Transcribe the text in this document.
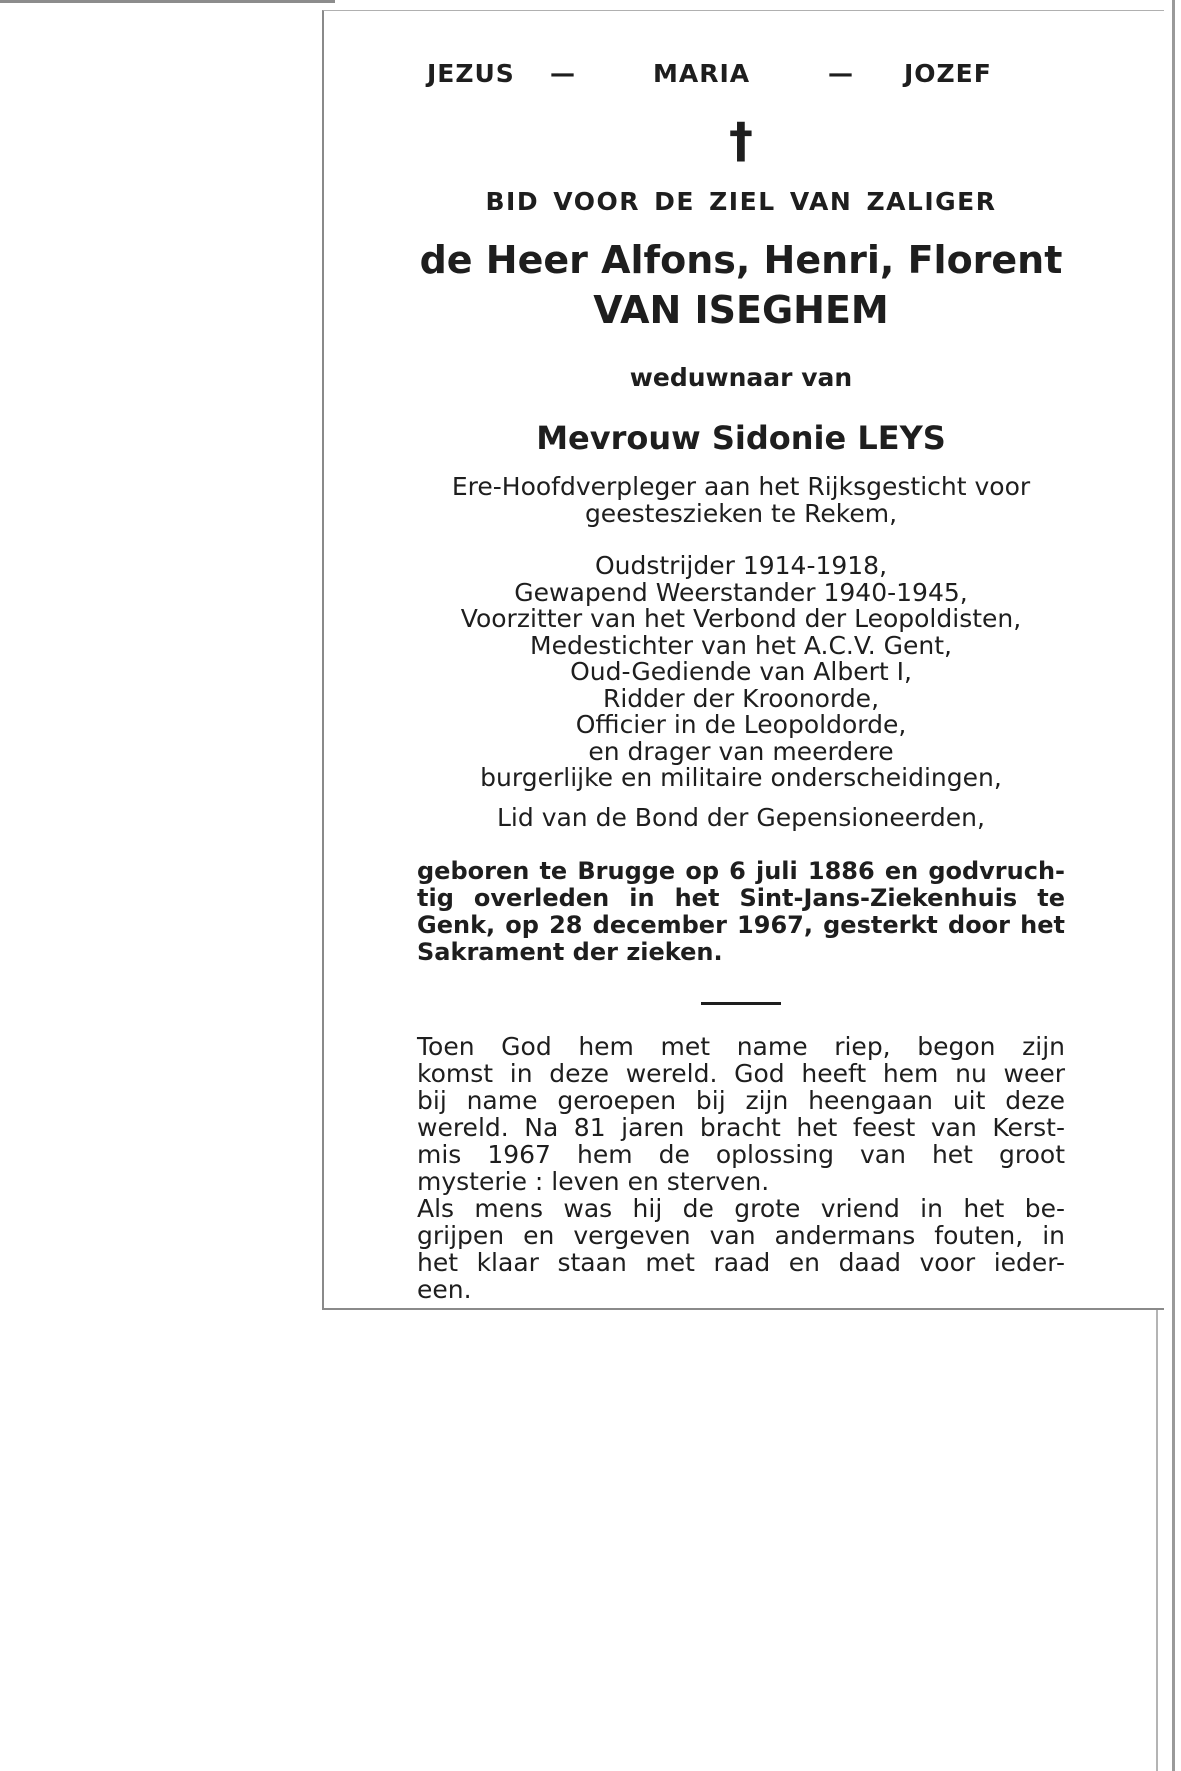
JEZUS —	MARIA	— JOZEF
†
BID VOOR DE ZIEL VAN ZALIGER
de Heer Alfons, Henri, Florent
VAN ISEGHEM
weduwnaar van
Mevrouw Sidonie LEYS
Ere-Hoofdverpleger aan het Rijksgesticht voor
geesteszieken te Rekem,
Oudstrijder 1914-1918,
Gewapend Weerstander 1940-1945,
Voorzitter van het Verbond der Leopoldisten,
Medestichter van het A.C.V. Gent,
Oud-Gediende van Albert I,
Ridder der Kroonorde,
Officier in de Leopoldorde,
en drager van meerdere
burgerlijke en militaire onderscheidingen,
Lid van de Bond der Gepensioneerden,
geboren te Brugge op 6 juli 1886 en godvruch-
tig overleden in het Sint-Jans-Ziekenhuis te
Genk, op 28 december 1967, gesterkt door het
Sakrament der zieken.
Toen God hem met name riep, begon zijn
komst in deze wereld. God heeft hem nu weer
bij name geroepen bij zijn heengaan uit deze
wereld. Na 81 jaren bracht het feest van Kerst-
mis 1967 hem de oplossing van het groot
mysterie : leven en sterven.
Als mens was hij de grote vriend in het be-
grijpen en vergeven van andermans fouten, in
het klaar staan met raad en daad voor ieder-
een.
